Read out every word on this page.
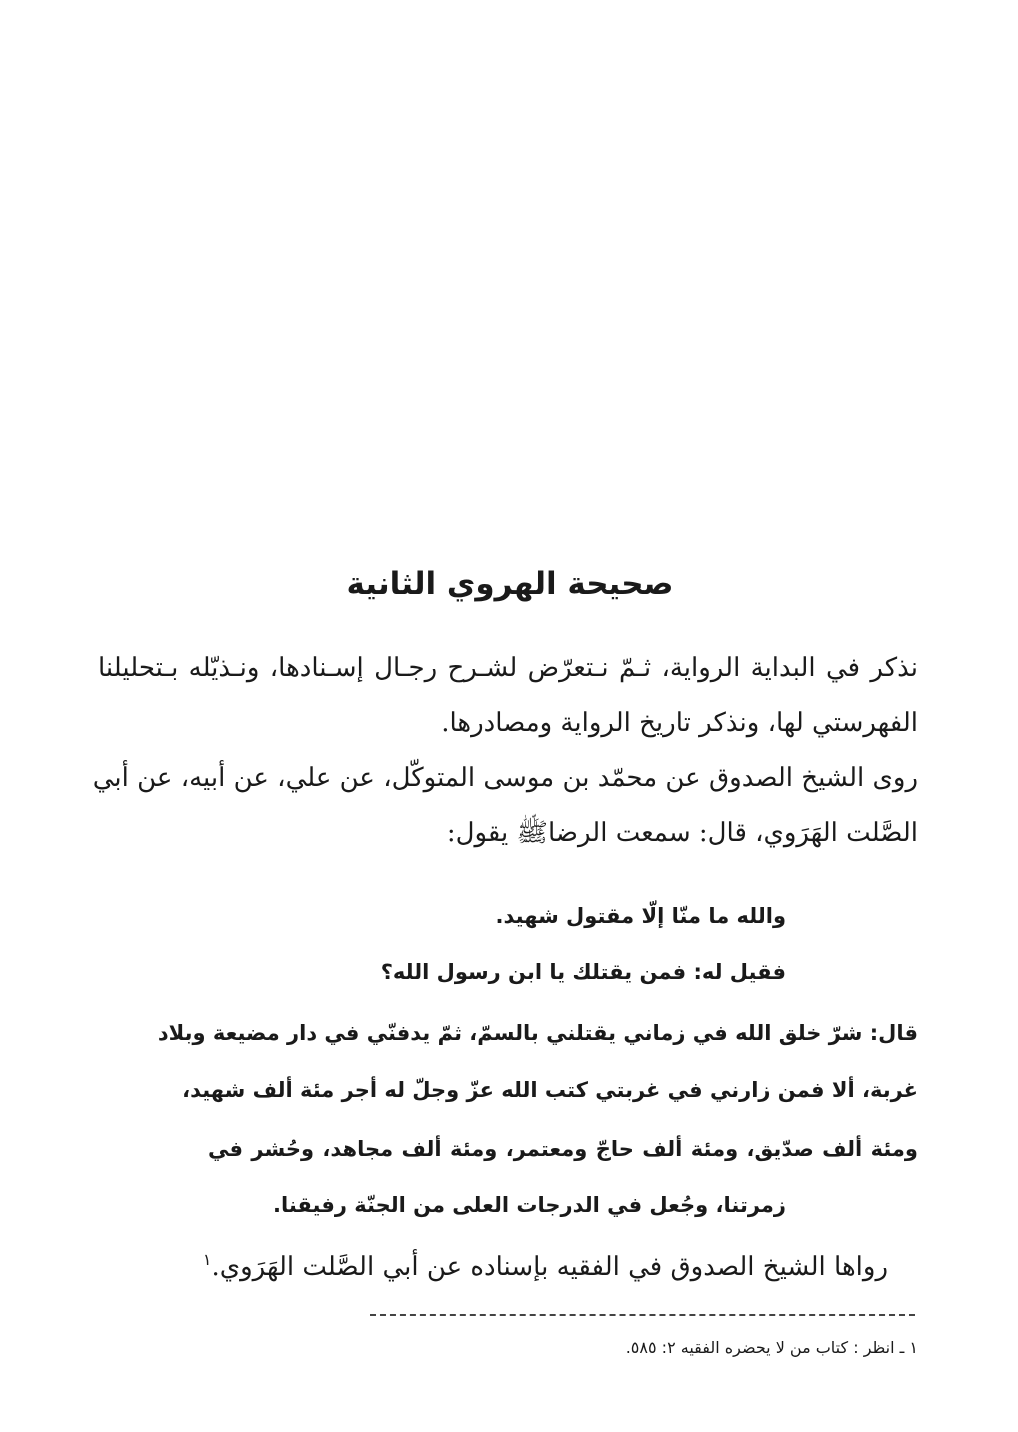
صحيحة الهروي الثانية
نذكر في البداية الرواية، ثـمّ نـتعرّض لشـرح رجـال إسـنادها، ونـذيّله بـتحليلنا
الفهرستي لها، ونذكر تاريخ الرواية ومصادرها.
روى الشيخ الصدوق عن محمّد بن موسى المتوكّل، عن علي، عن أبيه، عن أبي
الصَّلت الهَرَوي، قال: سمعت الرضاﷺ يقول:
والله ما منّا إلّا مقتول شهيد.
فقيل له: فمن يقتلك يا ابن رسول الله؟
قال: شرّ خلق الله في زماني يقتلني بالسمّ، ثمّ يدفنّي في دار مضيعة وبلاد
غربة، ألا فمن زارني في غربتي كتب الله عزّ وجلّ له أجر مئة ألف شهيد،
ومئة ألف صدّيق، ومئة ألف حاجّ ومعتمر، ومئة ألف مجاهد، وحُشر في
زمرتنا، وجُعل في الدرجات العلى من الجنّة رفيقنا.
رواها الشيخ الصدوق في الفقيه بإسناده عن أبي الصَّلت الهَرَوي.$^١$
١ ـ انظر : كتاب من لا يحضره الفقيه ٢: ٥٨٥.
